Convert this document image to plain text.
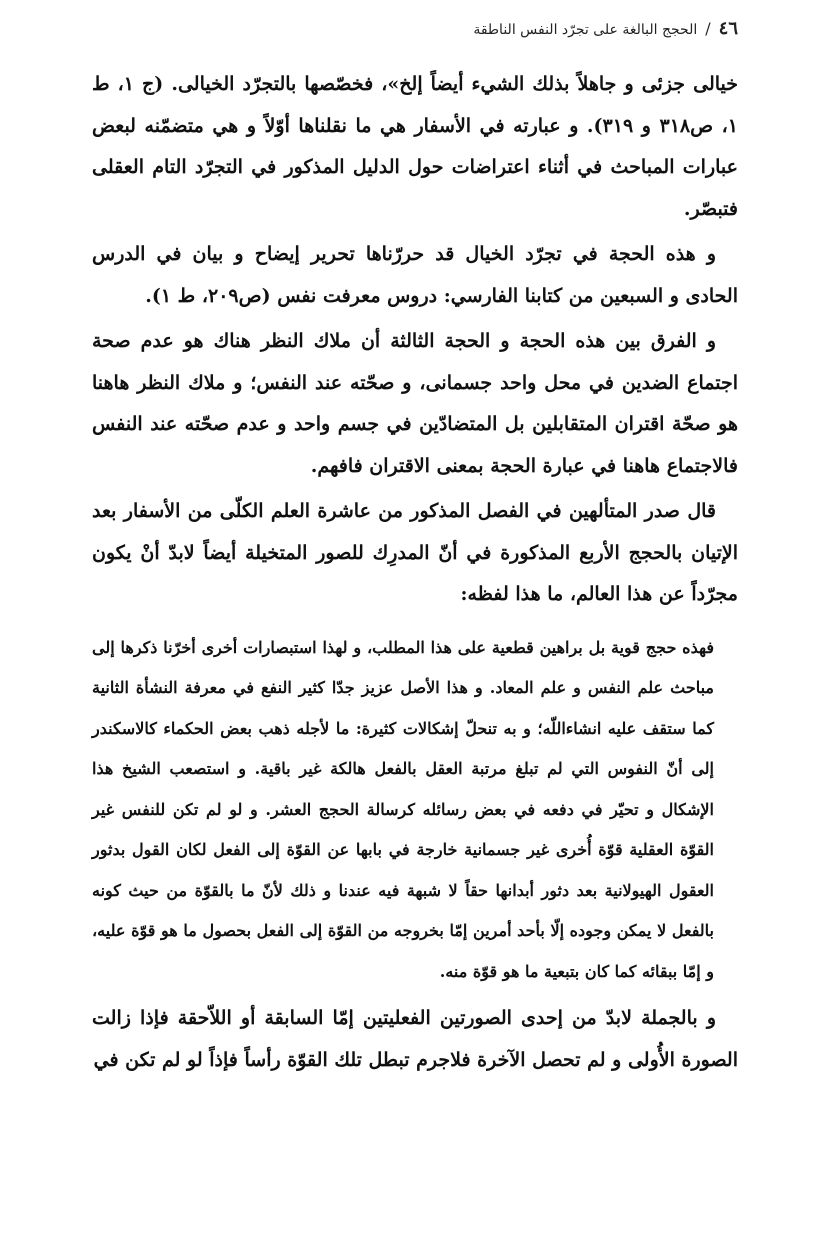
٤٦
/
الحجج البالغة على تجرّد النفس الناطقة

خيالى جزئى و جاهلاً بذلك الشيء أيضاً إلخ»، فخصّصها بالتجرّد الخيالى. (ج ١، ط ١، ص٣١٨ و ٣١٩). و عبارته في الأسفار هي ما نقلناها أوّلاً و هي متضمّنه لبعض عبارات المباحث في أثناء اعتراضات حول الدليل المذكور في التجرّد التام العقلى فتبصّر.

و هذه الحجة في تجرّد الخيال قد حررّناها تحرير إيضاح و بيان في الدرس الحادى و السبعين من كتابنا الفارسي: دروس معرفت نفس (ص٢٠٩، ط ١).

و الفرق بين هذه الحجة و الحجة الثالثة أن ملاك النظر هناك هو عدم صحة اجتماع الضدين في محل واحد جسمانى، و صحّته عند النفس؛ و ملاك النظر هاهنا هو صحّة اقتران المتقابلين بل المتضادّين في جسم واحد و عدم صحّته عند النفس فالاجتماع هاهنا في عبارة الحجة بمعنى الاقتران فافهم.

قال صدر المتألهين في الفصل المذكور من عاشرة العلم الكلّى من الأسفار بعد الإتيان بالحجج الأربع المذكورة في أنّ المدرِك للصور المتخيلة أيضاً لابدّ أنْ يكون مجرّداً عن هذا العالم، ما هذا لفظه:

فهذه حجج قوية بل براهين قطعية على هذا المطلب، و لهذا استبصارات أخرى أخرّنا ذكرها إلى مباحث علم النفس و علم المعاد. و هذا الأصل عزيز جدّا كثير النفع في معرفة النشأة الثانية كما ستقف عليه انشاءاللّه؛ و به تنحلّ إشكالات كثيرة: ما لأجله ذهب بعض الحكماء كالاسكندر إلى أنّ النفوس التي لم تبلغ مرتبة العقل بالفعل هالكة غير باقية. و استصعب الشيخ هذا الإشكال و تحيّر في دفعه في بعض رسائله كرسالة الحجج العشر. و لو لم تكن للنفس غير القوّة العقلية قوّة أُخرى غير جسمانية خارجة في بابها عن القوّة إلى الفعل لكان القول بدثور العقول الهيولانية بعد دثور أبدانها حقاً لا شبهة فيه عندنا و ذلك لأنّ ما بالقوّة من حيث كونه بالفعل لا يمكن وجوده إلّا بأحد أمرين إمّا بخروجه من القوّة إلى الفعل بحصول ما هو قوّة عليه، و إمّا ببقائه كما كان بتبعية ما هو قوّة منه.

و بالجملة لابدّ من إحدى الصورتين الفعليتين إمّا السابقة أو اللاّحقة فإذا زالت الصورة الأُولى و لم تحصل الآخرة فلاجرم تبطل تلك القوّة رأساً فإذاً لو لم تكن في
